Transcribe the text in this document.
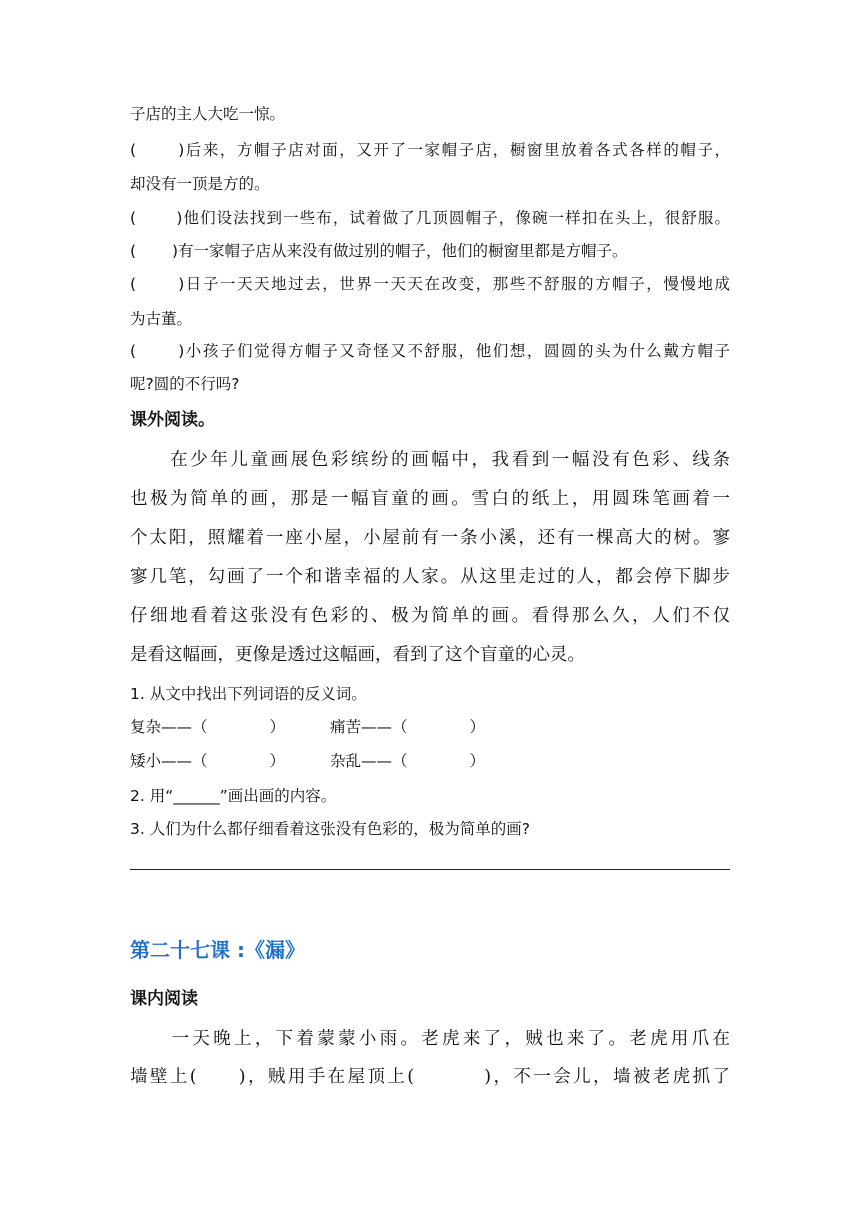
子店的主人大吃一惊。
(　　 )后来，方帽子店对面，又开了一家帽子店，橱窗里放着各式各样的帽子，
却没有一顶是方的。
(　　 )他们设法找到一些布，试着做了几顶圆帽子，像碗一样扣在头上，很舒服。
(　　 )有一家帽子店从来没有做过别的帽子，他们的橱窗里都是方帽子。
(　　 )日子一天天地过去，世界一天天在改变，那些不舒服的方帽子，慢慢地成
为古董。
(　　 )小孩子们觉得方帽子又奇怪又不舒服，他们想，圆圆的头为什么戴方帽子
呢?圆的不行吗?
课外阅读。
　　在少年儿童画展色彩缤纷的画幅中，我看到一幅没有色彩、线条
也极为简单的画，那是一幅盲童的画。雪白的纸上，用圆珠笔画着一
个太阳，照耀着一座小屋，小屋前有一条小溪，还有一棵高大的树。寥
寥几笔，勾画了一个和谐幸福的人家。从这里走过的人，都会停下脚步
仔细地看着这张没有色彩的、极为简单的画。看得那么久，人们不仅
是看这幅画，更像是透过这幅画，看到了这个盲童的心灵。
1. 从文中找出下列词语的反义词。
复杂——（　　　　）	痛苦——（　　　　）
矮小——（　　　　）	杂乱——（　　　　）
2. 用“______”画出画的内容。
3. 人们为什么都仔细看着这张没有色彩的，极为简单的画?
第二十七课 :《漏》
课内阅读
　　一天晚上，下着蒙蒙小雨。老虎来了，贼也来了。老虎用爪在
墙壁上(　　)，贼用手在屋顶上(　　　 )，不一会儿，墙被老虎抓了
